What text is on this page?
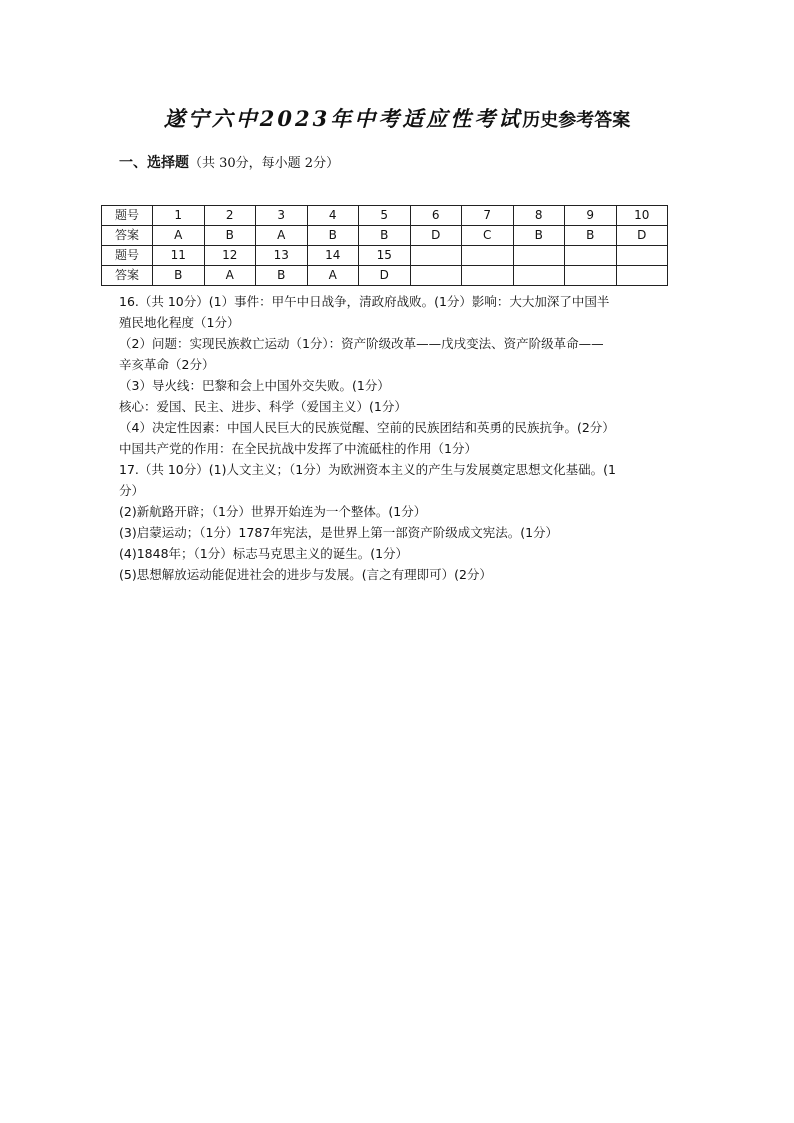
遂宁六中2023年中考适应性考试历史参考答案
一、选择题（共 30分，每小题 2分）
题号	1	2	3	4	5	6	7	8	9	10
答案	A	B	A	B	B	D	C	B	B	D
题号	11	12	13	14	15					
答案	B	A	B	A	D					

16.（共 10分）(1）事件：甲午中日战争，清政府战败。(1分）影响：大大加深了中国半

殖民地化程度（1分）

（2）问题：实现民族救亡运动（1分）：资产阶级改革——戊戌变法、资产阶级革命——

辛亥革命（2分）

（3）导火线：巴黎和会上中国外交失败。(1分）

核心：爱国、民主、进步、科学（爱国主义）(1分）

（4）决定性因素：中国人民巨大的民族觉醒、空前的民族团结和英勇的民族抗争。(2分）

中国共产党的作用：在全民抗战中发挥了中流砥柱的作用（1分）

17.（共 10分）(1)人文主义；（1分）为欧洲资本主义的产生与发展奠定思想文化基础。(1

分）

(2)新航路开辟；（1分）世界开始连为一个整体。(1分）

(3)启蒙运动；（1分）1787年宪法，是世界上第一部资产阶级成文宪法。(1分）

(4)1848年；（1分）标志马克思主义的诞生。(1分）

(5)思想解放运动能促进社会的进步与发展。(言之有理即可）(2分）
